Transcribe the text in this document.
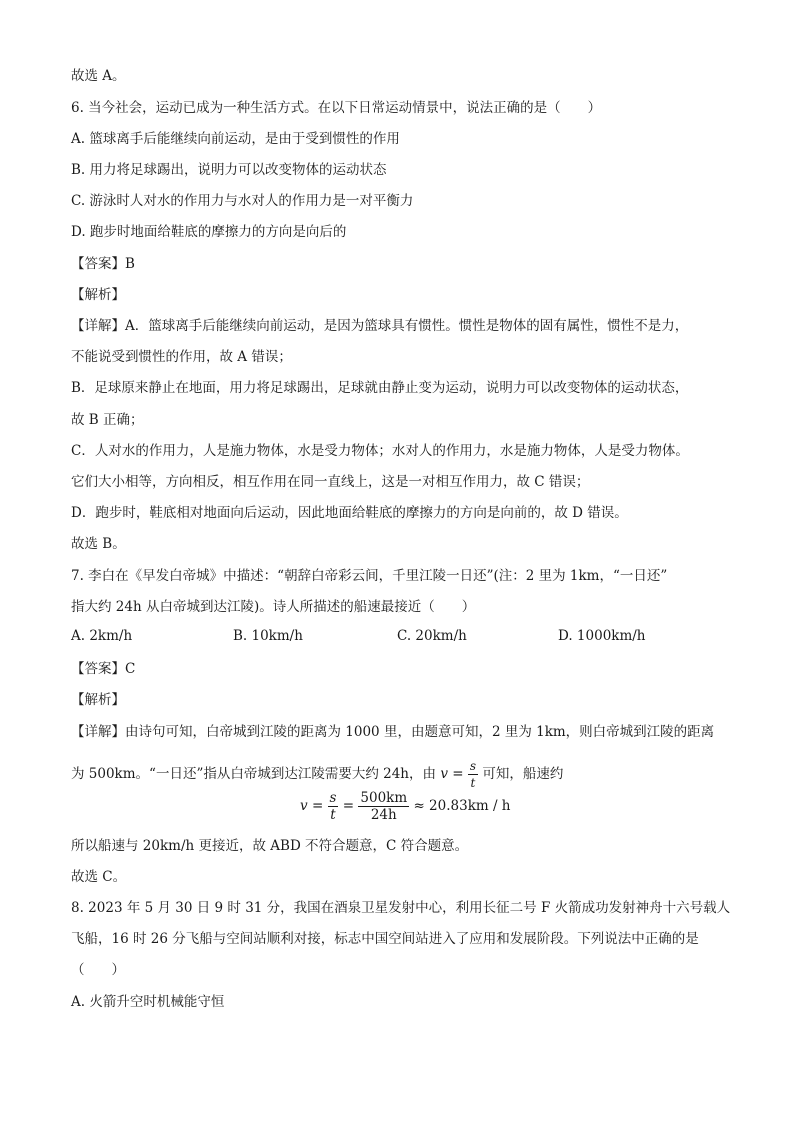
故选 A。
6. 当今社会，运动已成为一种生活方式。在以下日常运动情景中，说法正确的是（　　）
A. 篮球离手后能继续向前运动，是由于受到惯性的作用
B. 用力将足球踢出，说明力可以改变物体的运动状态
C. 游泳时人对水的作用力与水对人的作用力是一对平衡力
D. 跑步时地面给鞋底的摩擦力的方向是向后的
【答案】B
【解析】
【详解】A．篮球离手后能继续向前运动，是因为篮球具有惯性。惯性是物体的固有属性，惯性不是力，
不能说受到惯性的作用，故 A 错误；
B．足球原来静止在地面，用力将足球踢出，足球就由静止变为运动，说明力可以改变物体的运动状态，
故 B 正确；
C．人对水的作用力，人是施力物体，水是受力物体；水对人的作用力，水是施力物体，人是受力物体。
它们大小相等，方向相反，相互作用在同一直线上，这是一对相互作用力，故 C 错误；
D．跑步时，鞋底相对地面向后运动，因此地面给鞋底的摩擦力的方向是向前的，故 D 错误。
故选 B。
7. 李白在《早发白帝城》中描述：“朝辞白帝彩云间，千里江陵一日还”(注：2 里为 1km，“一日还”
指大约 24h 从白帝城到达江陵)。诗人所描述的船速最接近（　　）
A. 2km/h	B. 10km/h	C. 20km/h	D. 1000km/h
【答案】C
【解析】
【详解】由诗句可知，白帝城到江陵的距离为 1000 里，由题意可知，2 里为 1km，则白帝城到江陵的距离
为 500km。“一日还”指从白帝城到达江陵需要大约 24h，由 $v = \frac{s}{t}$ 可知，船速约
$v = \frac{s}{t} = \frac{500km}{24h} \approx 20.83km / h$
所以船速与 20km/h 更接近，故 ABD 不符合题意，C 符合题意。
故选 C。
8. 2023 年 5 月 30 日 9 时 31 分，我国在酒泉卫星发射中心，利用长征二号 F 火箭成功发射神舟十六号载人
飞船，16 时 26 分飞船与空间站顺利对接，标志中国空间站进入了应用和发展阶段。下列说法中正确的是
（　　）
A. 火箭升空时机械能守恒
